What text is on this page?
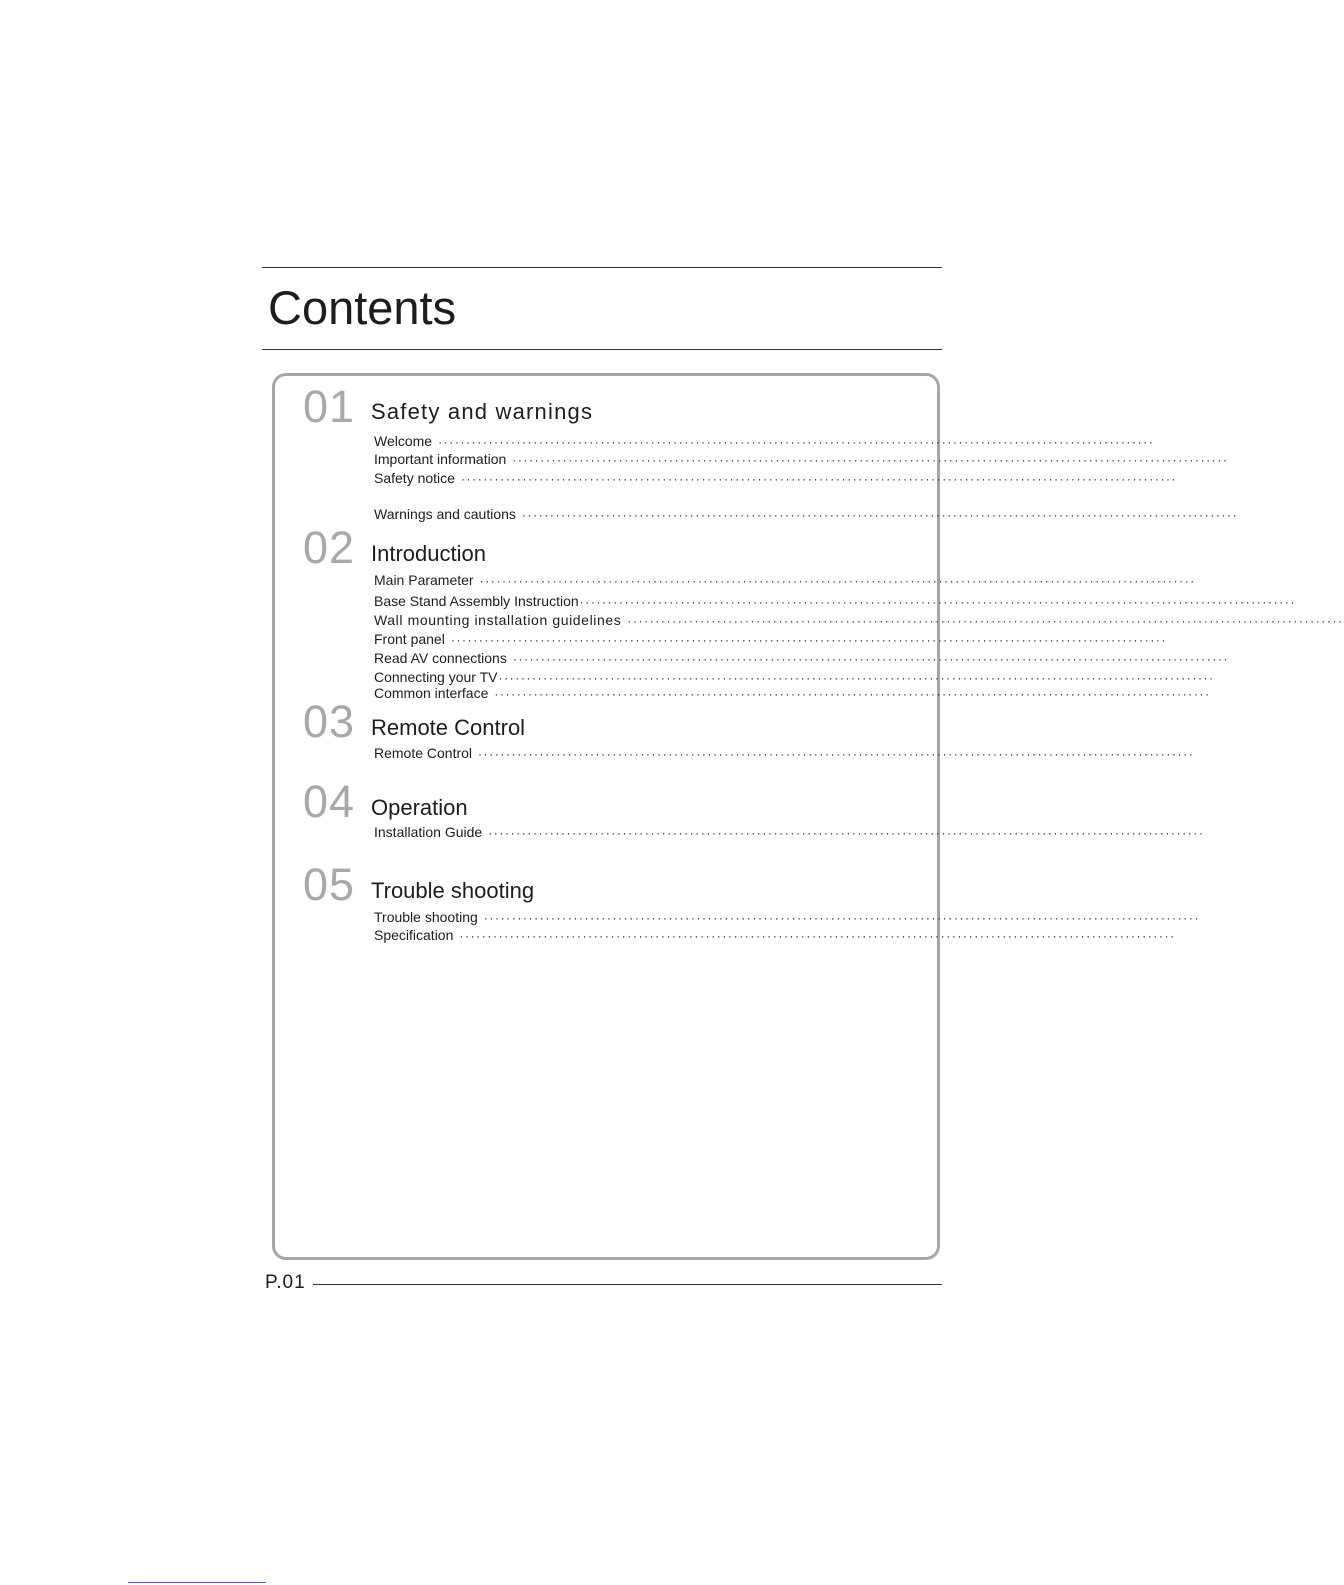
Contents
01 Safety and warnings
Welcome ································································································································
Important information ································································································································
Safety notice ································································································································
Warnings and cautions ································································································································
02 Introduction
Main Parameter ································································································································
Base Stand Assembly Instruction ································································································································
Wall mounting installation guidelines ································································································································
Front panel ································································································································
Read AV connections ································································································································
Connecting your TV ································································································································
Common interface ································································································································
03 Remote Control
Remote Control ································································································································
04 Operation
Installation Guide ································································································································
05 Trouble shooting
Trouble shooting ································································································································
Specification ································································································································
P.01
